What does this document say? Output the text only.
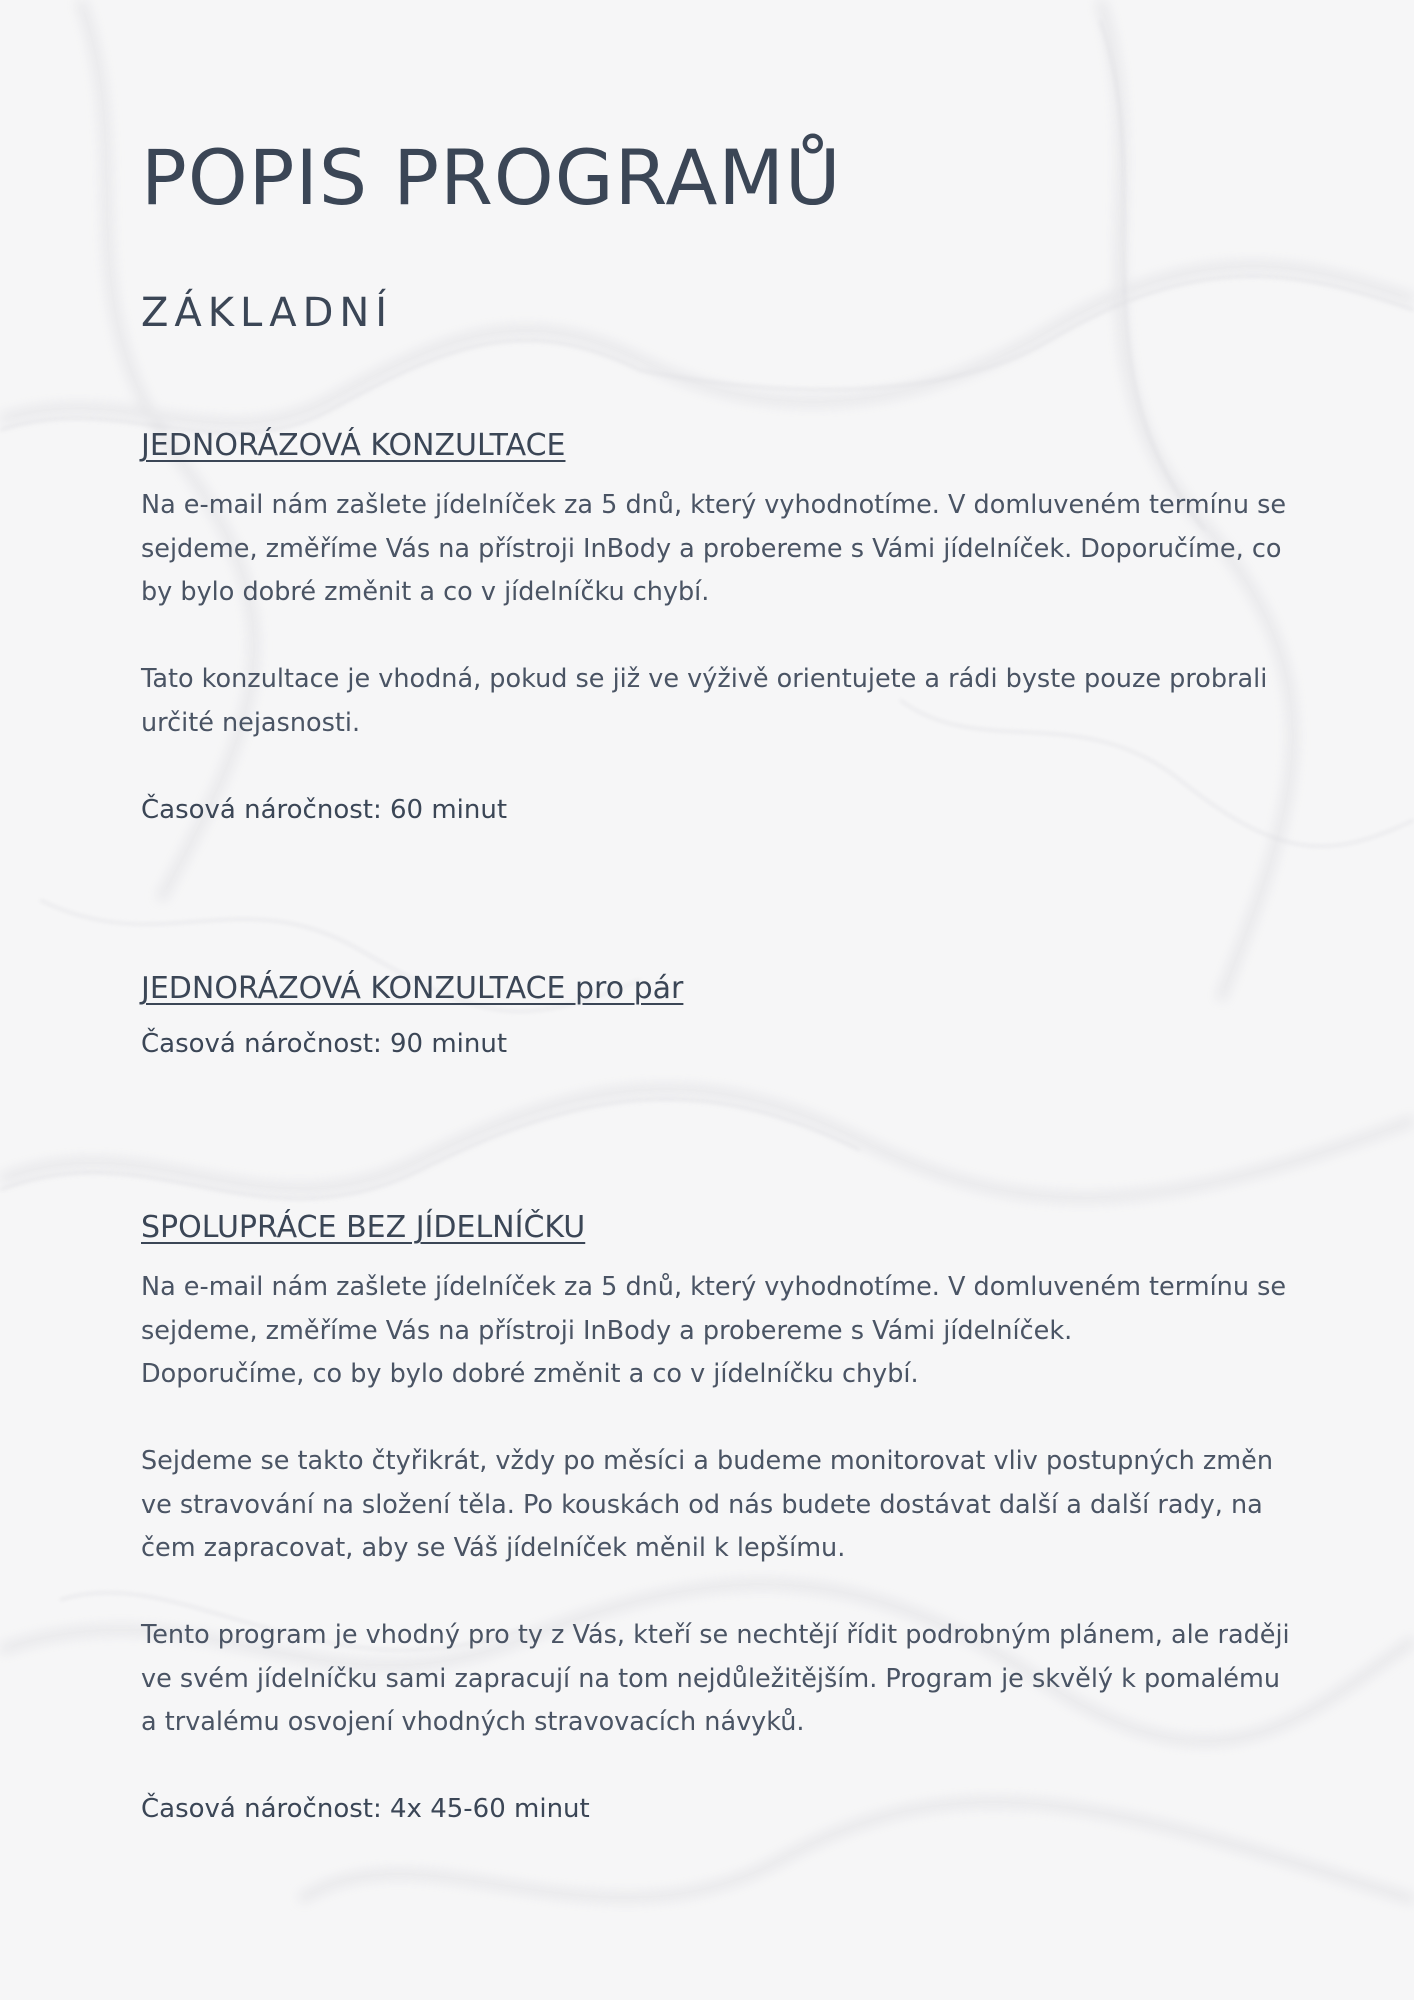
POPIS PROGRAMŮ
ZÁKLADNÍ
JEDNORÁZOVÁ KONZULTACE

Na e-mail nám zašlete jídelníček za 5 dnů, který vyhodnotíme. V domluveném termínu se sejdeme, změříme Vás na přístroji InBody a probereme s Vámi jídelníček. Doporučíme, co by bylo dobré změnit a co v jídelníčku chybí.

Tato konzultace je vhodná, pokud se již ve výživě orientujete a rádi byste pouze probrali určité nejasnosti.

Časová náročnost: 60 minut

JEDNORÁZOVÁ KONZULTACE pro pár

Časová náročnost: 90 minut

SPOLUPRÁCE BEZ JÍDELNÍČKU

Na e-mail nám zašlete jídelníček za 5 dnů, který vyhodnotíme. V domluveném termínu se sejdeme, změříme Vás na přístroji InBody a probereme s Vámi jídelníček.

Doporučíme, co by bylo dobré změnit a co v jídelníčku chybí.

Sejdeme se takto čtyřikrát, vždy po měsíci a budeme monitorovat vliv postupných změn ve stravování na složení těla. Po kouskách od nás budete dostávat další a další rady, na čem zapracovat, aby se Váš jídelníček měnil k lepšímu.

Tento program je vhodný pro ty z Vás, kteří se nechtějí řídit podrobným plánem, ale raději ve svém jídelníčku sami zapracují na tom nejdůležitějším. Program je skvělý k pomalému a trvalému osvojení vhodných stravovacích návyků.

Časová náročnost: 4x 45-60 minut
